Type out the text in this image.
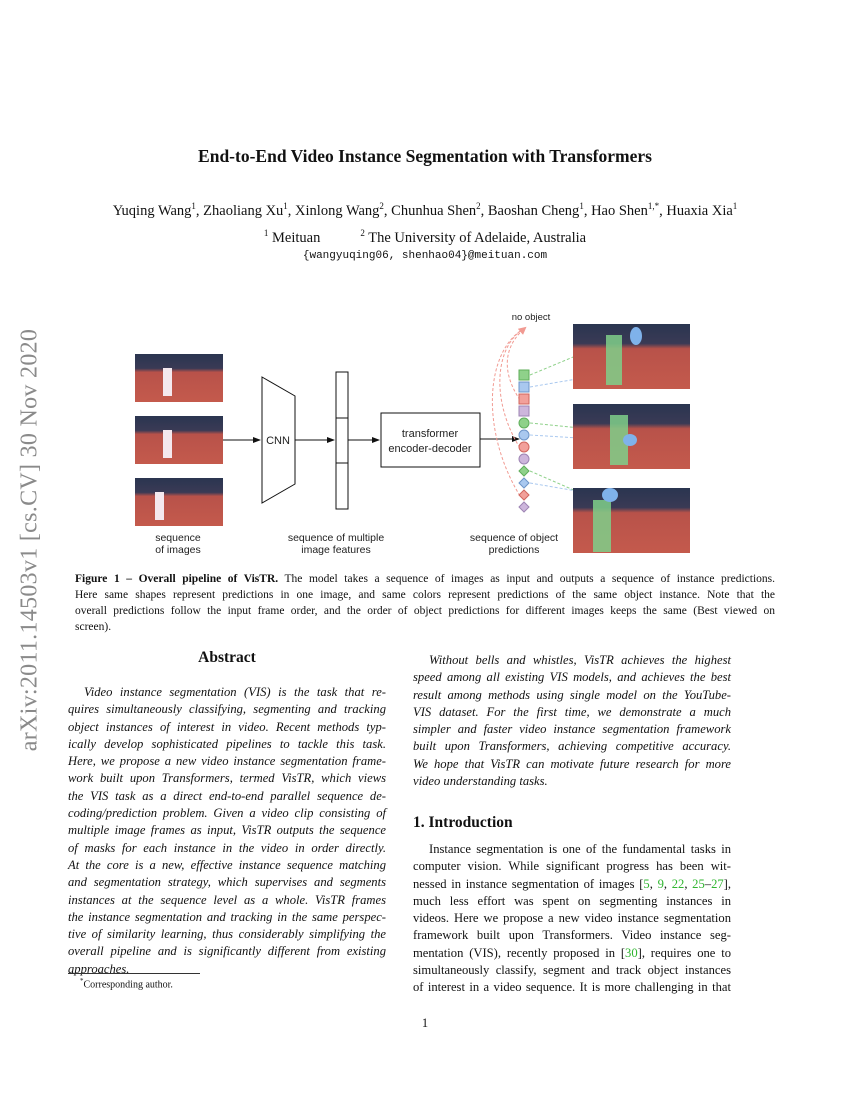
arXiv:2011.14503v1 [cs.CV] 30 Nov 2020
End-to-End Video Instance Segmentation with Transformers
Yuqing Wang$^1$, Zhaoliang Xu$^1$, Xinlong Wang$^2$, Chunhua Shen$^2$, Baoshan Cheng$^1$, Hao Shen$^{1,*}$, Huaxia Xia$^1$
$^1$ Meituan	$^2$ The University of Adelaide, Australia
{wangyuqing06, shenhao04}@meituan.com
CNN
transformer
encoder-decoder
no object
sequence
of images
sequence of multiple
image features
sequence of object
predictions
Figure 1 – Overall pipeline of VisTR. The model takes a sequence of images as input and outputs a sequence of instance predictions.
Here same shapes represent predictions in one image, and same colors represent predictions of the same object instance. Note that the
overall predictions follow the input frame order, and the order of object predictions for different images keeps the same (Best viewed on
screen).
Abstract
Video instance segmentation (VIS) is the task that re-
quires simultaneously classifying, segmenting and tracking
object instances of interest in video. Recent methods typ-
ically develop sophisticated pipelines to tackle this task.
Here, we propose a new video instance segmentation frame-
work built upon Transformers, termed VisTR, which views
the VIS task as a direct end-to-end parallel sequence de-
coding/prediction problem. Given a video clip consisting of
multiple image frames as input, VisTR outputs the sequence
of masks for each instance in the video in order directly.
At the core is a new, effective instance sequence matching
and segmentation strategy, which supervises and segments
instances at the sequence level as a whole. VisTR frames
the instance segmentation and tracking in the same perspec-
tive of similarity learning, thus considerably simplifying the
overall pipeline and is significantly different from existing
approaches.
Without bells and whistles, VisTR achieves the highest
speed among all existing VIS models, and achieves the best
result among methods using single model on the YouTube-
VIS dataset. For the first time, we demonstrate a much
simpler and faster video instance segmentation framework
built upon Transformers, achieving competitive accuracy.
We hope that VisTR can motivate future research for more
video understanding tasks.
1. Introduction
Instance segmentation is one of the fundamental tasks in
computer vision. While significant progress has been wit-
nessed in instance segmentation of images [5, 9, 22, 25–27],
much less effort was spent on segmenting instances in
videos. Here we propose a new video instance segmentation
framework built upon Transformers. Video instance seg-
mentation (VIS), recently proposed in [30], requires one to
simultaneously classify, segment and track object instances
of interest in a video sequence. It is more challenging in that
*Corresponding author.
1
